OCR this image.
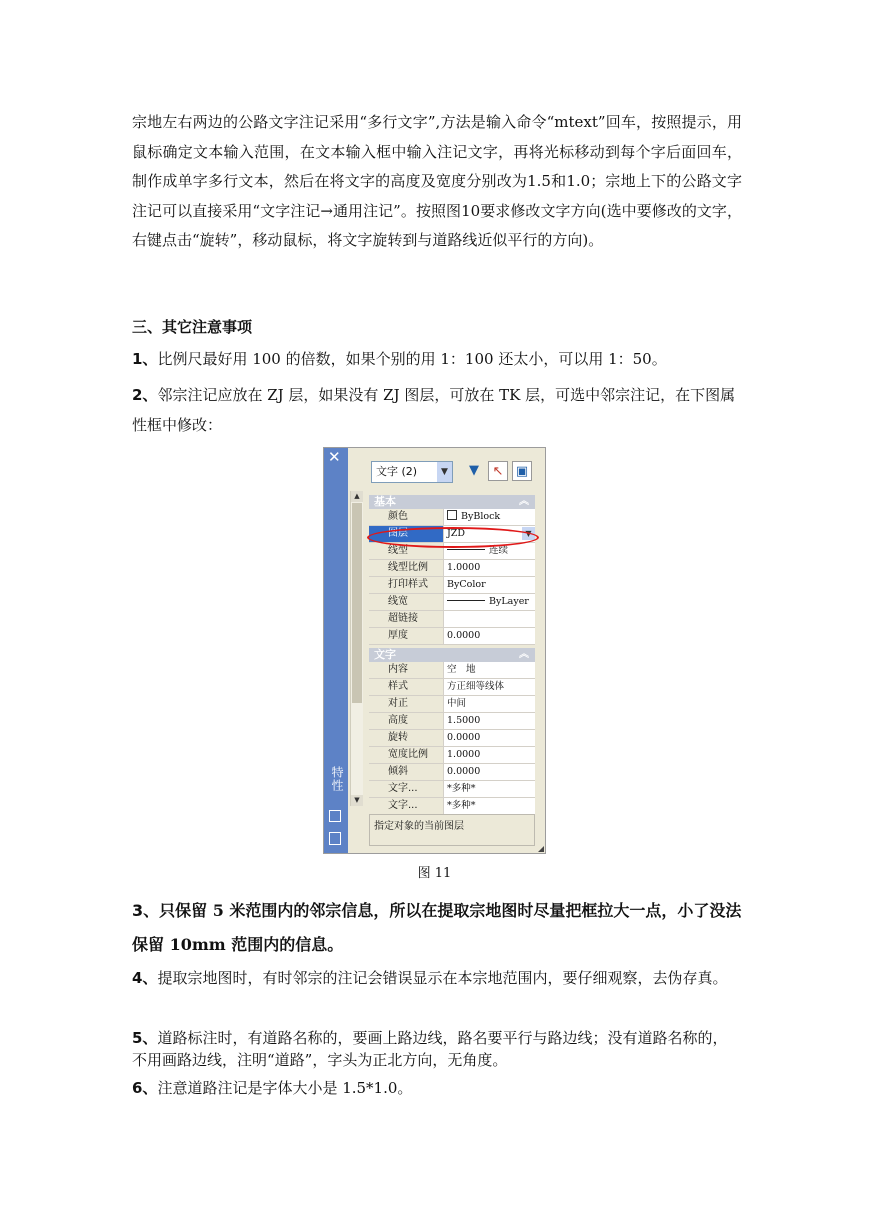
宗地左右两边的公路文字注记采用“多行文字”,方法是输入命令“mtext”回车，按照提示，用鼠标确定文本输入范围，在文本输入框中输入注记文字，再将光标移动到每个字后面回车，制作成单字多行文本，然后在将文字的高度及宽度分别改为1.5和1.0；宗地上下的公路文字注记可以直接采用“文字注记→通用注记”。按照图10要求修改文字方向(选中要修改的文字，右键点击“旋转”，移动鼠标，将文字旋转到与道路线近似平行的方向)。
三、其它注意事项
1、比例尺最好用 100 的倍数，如果个别的用 1：100 还太小，可以用 1：50。
2、邻宗注记应放在 ZJ 层，如果没有 ZJ 图层，可放在 TK 层，可选中邻宗注记，在下图属性框中修改：
✕
特性
文字 (2)	▼	▼	↖ ▣
▲
▼
基本	︽
颜色	ByBlock
图层	JZD	▼
线型	连续
线型比例	1.0000
打印样式	ByColor
线宽	ByLayer
超链接
厚度	0.0000
文字	︽
内容	空　地
样式	方正细等线体
对正	中间
高度	1.5000
旋转	0.0000
宽度比例	1.0000
倾斜	0.0000
文字...	*多种*
文字...	*多种*
指定对象的当前图层
图 11
3、只保留 5 米范围内的邻宗信息，所以在提取宗地图时尽量把框拉大一点，小了没法保留 10mm 范围内的信息。
4、提取宗地图时，有时邻宗的注记会错误显示在本宗地范围内，要仔细观察，去伪存真。
5、道路标注时，有道路名称的，要画上路边线，路名要平行与路边线；没有道路名称的，不用画路边线，注明“道路”，字头为正北方向，无角度。
6、注意道路注记是字体大小是 1.5*1.0。
